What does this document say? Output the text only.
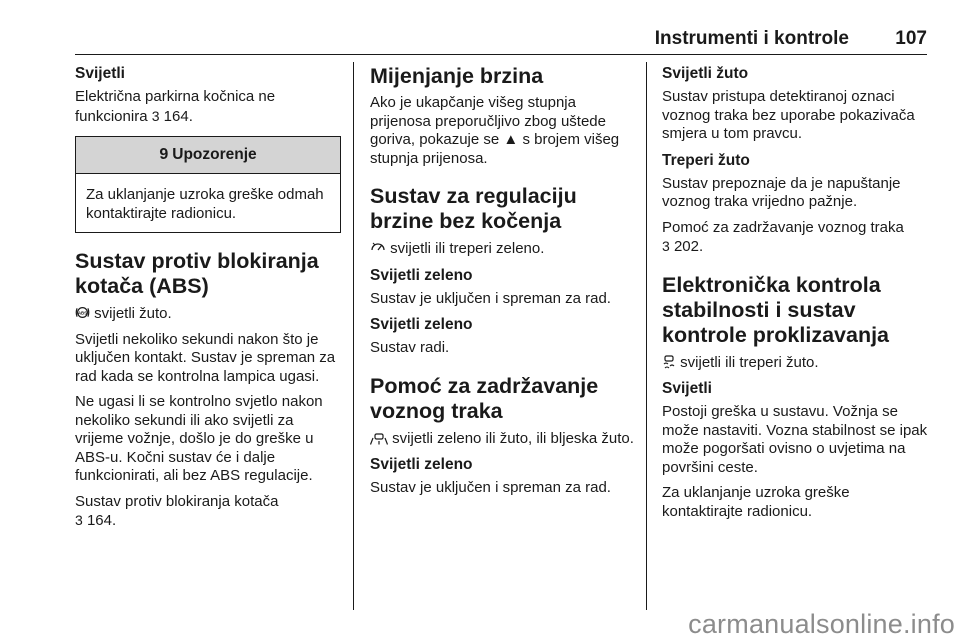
Instrumenti i kontrole 107
Svijetli

Električna parkirna kočnica ne funkcionira 3 164.

9 Upozorenje
Za uklanjanje uzroka greške odmah kontaktirajte radionicu.
Sustav protiv blokiranja kotača (ABS)

ABS svijetli žuto.

Svijetli nekoliko sekundi nakon što je uključen kontakt. Sustav je spreman za rad kada se kontrolna lampica ugasi.

Ne ugasi li se kontrolno svjetlo nakon nekoliko sekundi ili ako svijetli za vrijeme vožnje, došlo je do greške u ABS-u. Kočni sustav će i dalje funkcionirati, ali bez ABS regulacije.

Sustav protiv blokiranja kotača
3 164.

Mijenjanje brzina

Ako je ukapčanje višeg stupnja prijenosa preporučljivo zbog uštede goriva, pokazuje se ▲ s brojem višeg stupnja prijenosa.

Sustav za regulaciju brzine bez kočenja

svijetli ili treperi zeleno.

Svijetli zeleno

Sustav je uključen i spreman za rad.

Svijetli zeleno

Sustav radi.

Pomoć za zadržavanje voznog traka

svijetli zeleno ili žuto, ili bljeska žuto.

Svijetli zeleno

Sustav je uključen i spreman za rad.

Svijetli žuto

Sustav pristupa detektiranoj oznaci voznog traka bez uporabe pokazivača smjera u tom pravcu.

Treperi žuto

Sustav prepoznaje da je napuštanje voznog traka vrijedno pažnje.

Pomoć za zadržavanje voznog traka
3 202.

Elektronička kontrola stabilnosti i sustav kontrole proklizavanja

svijetli ili treperi žuto.

Svijetli

Postoji greška u sustavu. Vožnja se može nastaviti. Vozna stabilnost se ipak može pogoršati ovisno o uvjetima na površini ceste.

Za uklanjanje uzroka greške kontaktirajte radionicu.

carmanualsonline.info
